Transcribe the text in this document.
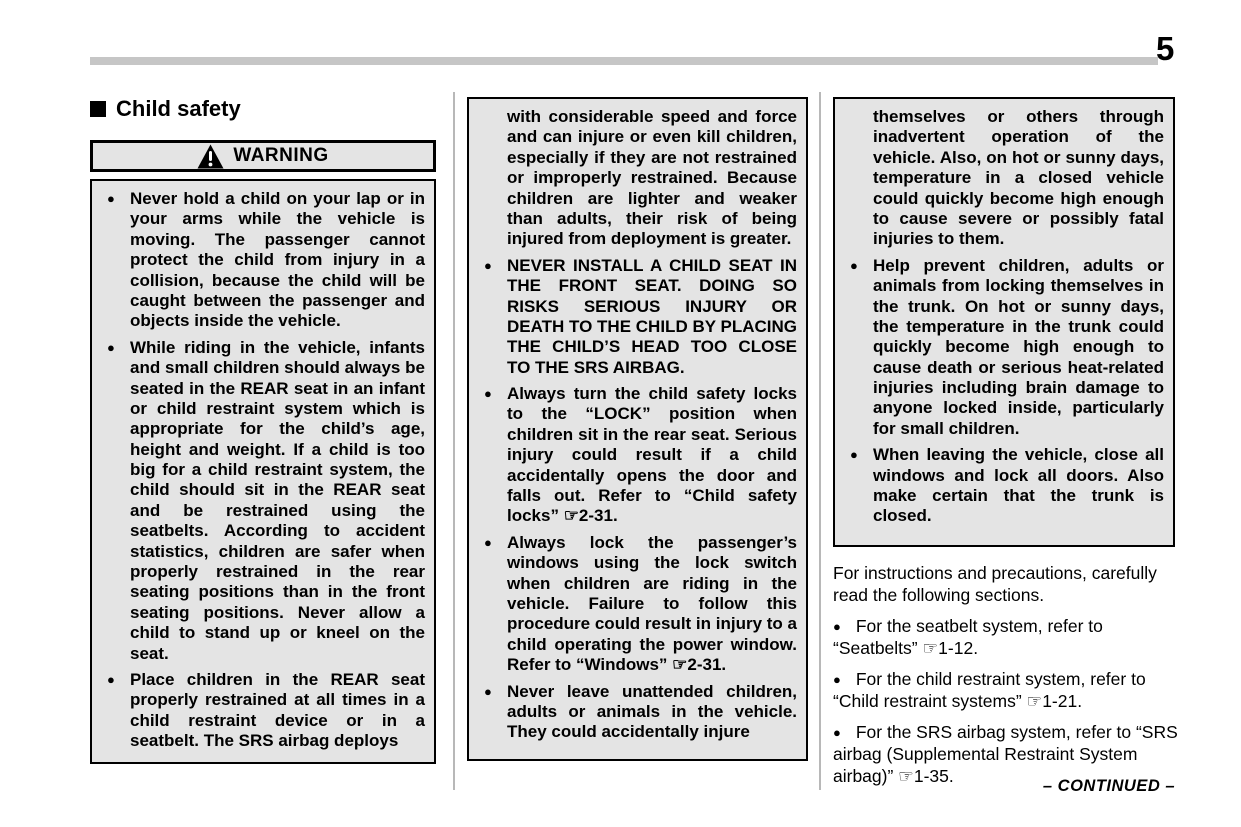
5
Child safety
WARNING
● Never hold a child on your lap or in your arms while the vehicle is moving. The passenger cannot protect the child from injury in a collision, because the child will be caught between the passenger and objects inside the vehicle.
● While riding in the vehicle, infants and small children should always be seated in the REAR seat in an infant or child restraint system which is appropriate for the child’s age, height and weight. If a child is too big for a child restraint system, the child should sit in the REAR seat and be restrained using the seatbelts. According to accident statistics, children are safer when properly restrained in the rear seating positions than in the front seating positions. Never allow a child to stand up or kneel on the seat.
● Place children in the REAR seat properly restrained at all times in a child restraint device or in a seatbelt. The SRS airbag deploys

with considerable speed and force and can injure or even kill children, especially if they are not restrained or improperly restrained. Because children are lighter and weaker than adults, their risk of being injured from deployment is greater.

● NEVER INSTALL A CHILD SEAT IN THE FRONT SEAT. DOING SO RISKS SERIOUS INJURY OR DEATH TO THE CHILD BY PLACING THE CHILD’S HEAD TOO CLOSE TO THE SRS AIRBAG.
● Always turn the child safety locks to the “LOCK” position when children sit in the rear seat. Serious injury could result if a child accidentally opens the door and falls out. Refer to “Child safety locks” ☞2-31.
● Always lock the passenger’s windows using the lock switch when children are riding in the vehicle. Failure to follow this procedure could result in injury to a child operating the power window. Refer to “Windows” ☞2-31.
● Never leave unattended children, adults or animals in the vehicle. They could accidentally injure

themselves or others through inadvertent operation of the vehicle. Also, on hot or sunny days, temperature in a closed vehicle could quickly become high enough to cause severe or possibly fatal injuries to them.

● Help prevent children, adults or animals from locking themselves in the trunk. On hot or sunny days, the temperature in the trunk could quickly become high enough to cause death or serious heat-related injuries including brain damage to anyone locked inside, particularly for small children.
● When leaving the vehicle, close all windows and lock all doors. Also make certain that the trunk is closed.

For instructions and precautions, carefully read the following sections.

● For the seatbelt system, refer to “Seatbelts” ☞1-12.

● For the child restraint system, refer to “Child restraint systems” ☞1-21.

● For the SRS airbag system, refer to “SRS airbag (Supplemental Restraint System airbag)” ☞1-35.	– CONTINUED –
